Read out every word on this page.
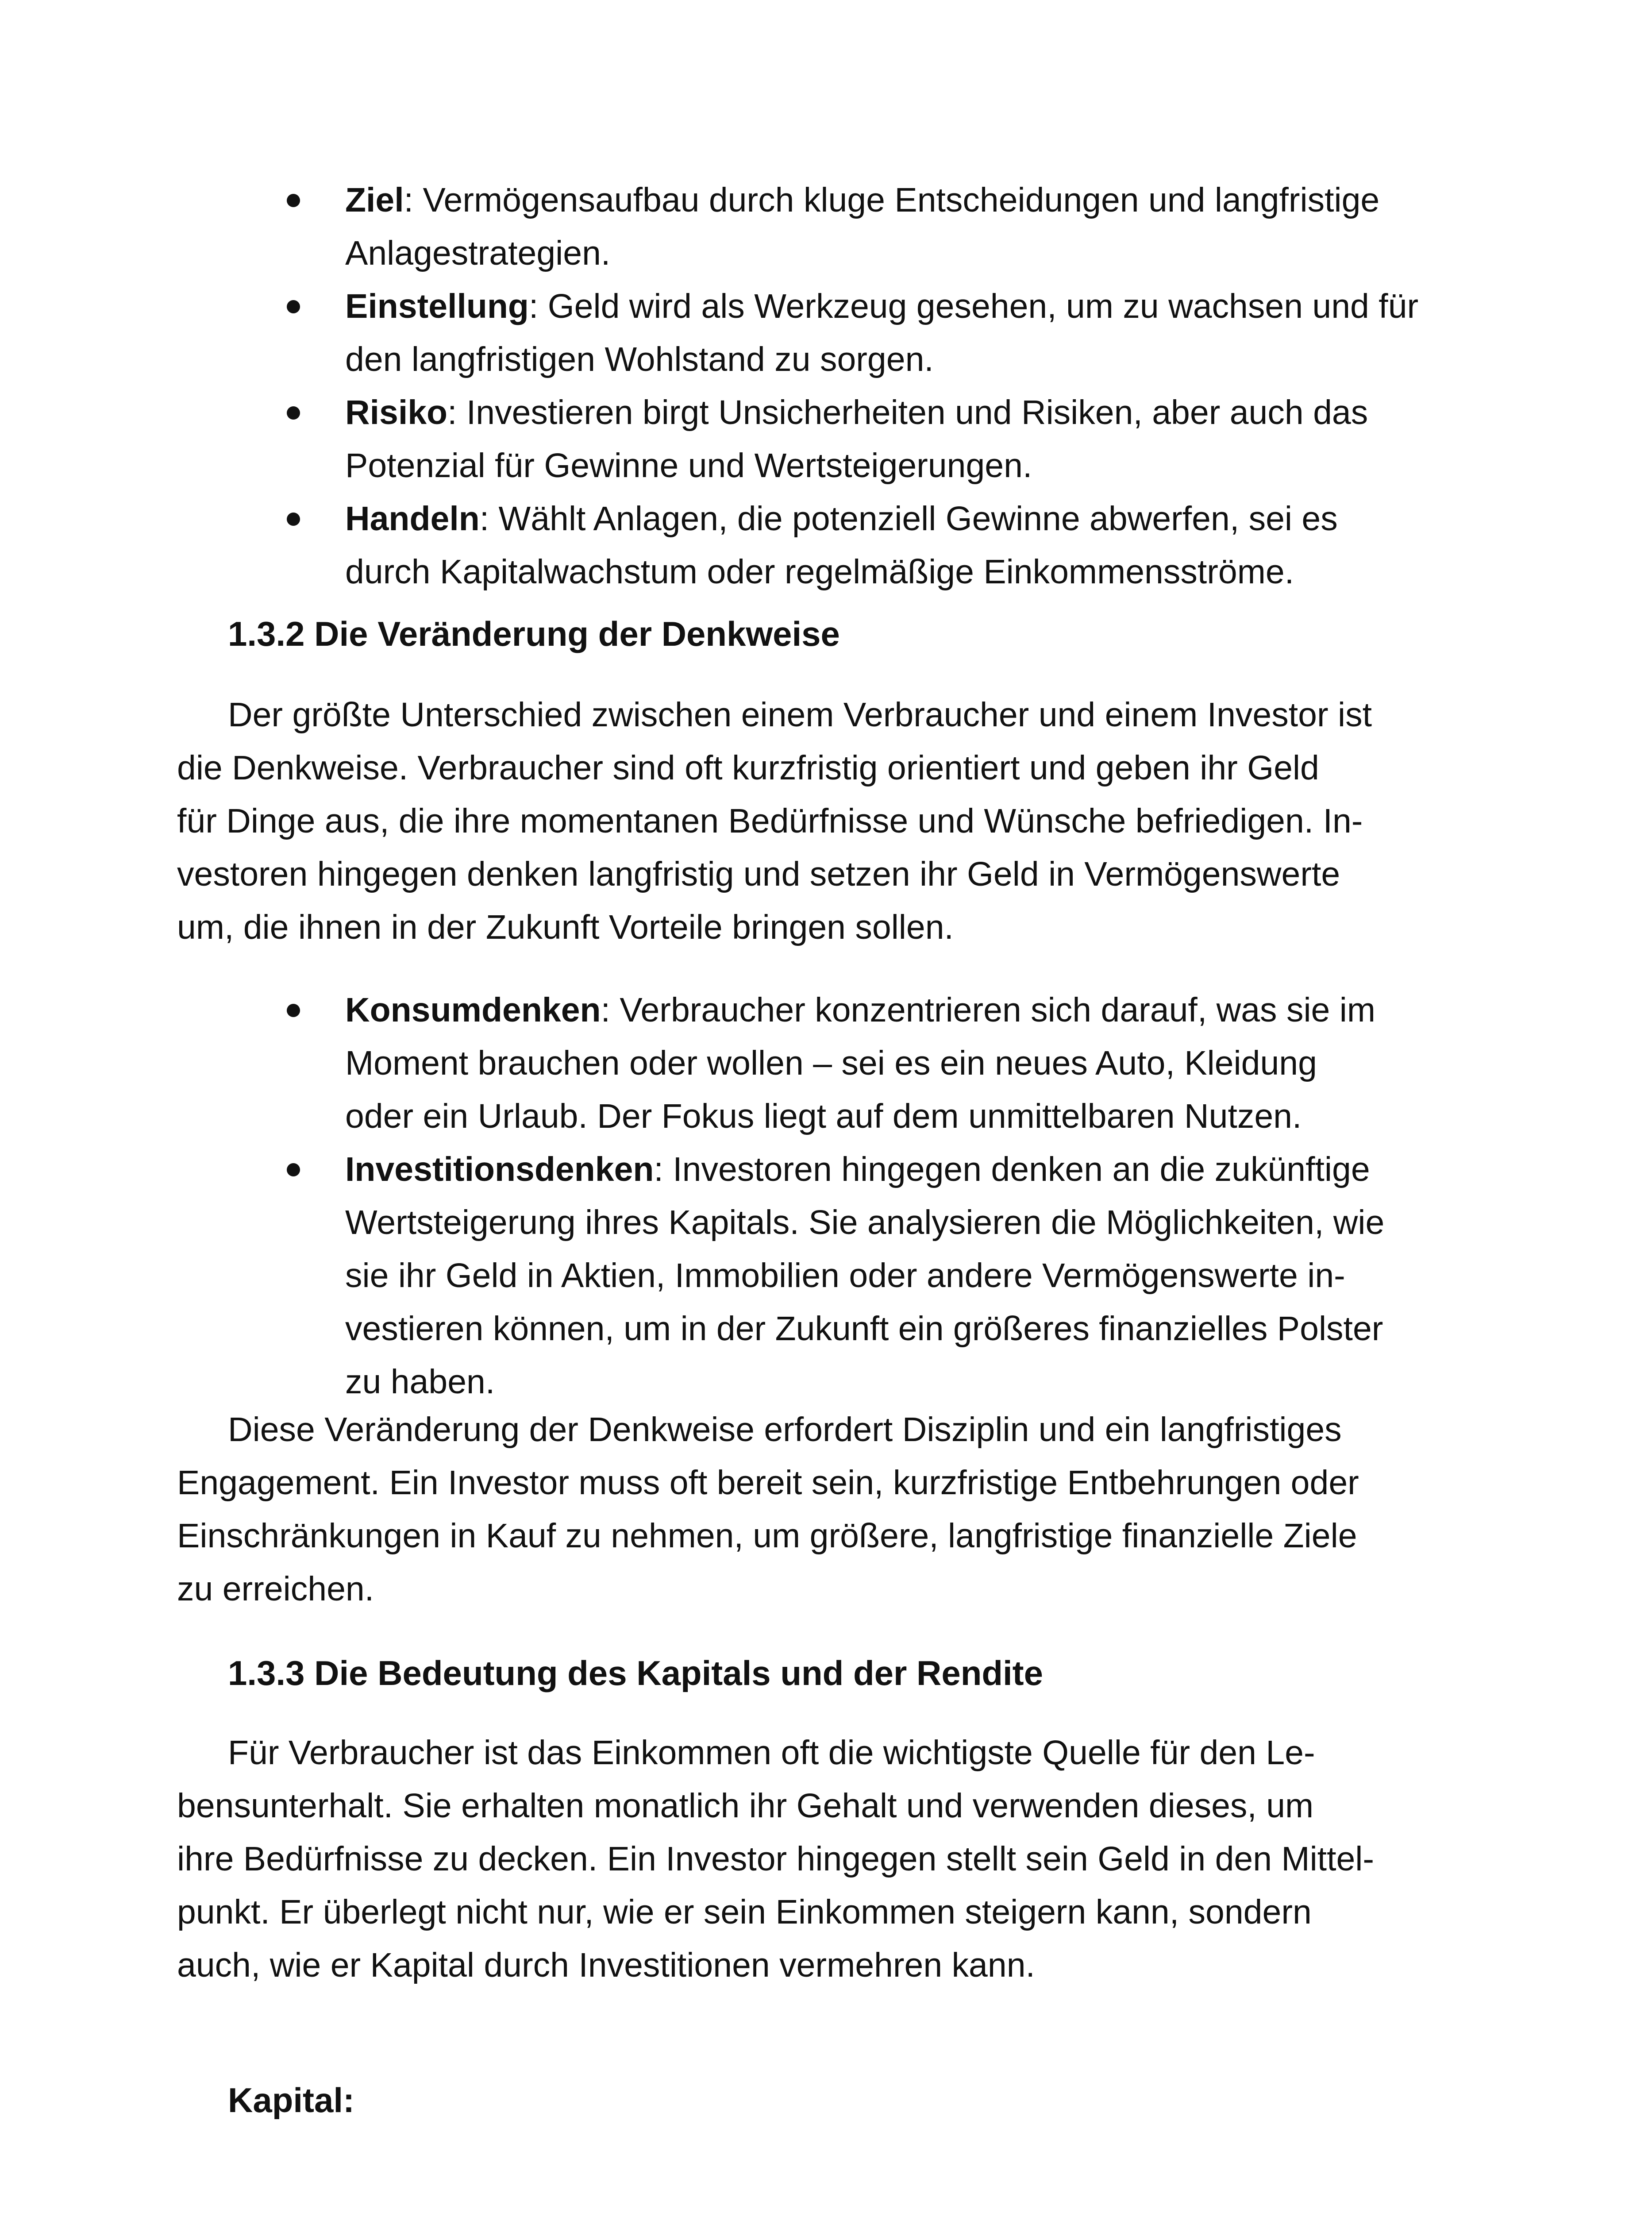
Ziel: Vermögensaufbau durch kluge Entscheidungen und langfristige
Anlagestrategien.
Einstellung: Geld wird als Werkzeug gesehen, um zu wachsen und für
den langfristigen Wohlstand zu sorgen.
Risiko: Investieren birgt Unsicherheiten und Risiken, aber auch das
Potenzial für Gewinne und Wertsteigerungen.
Handeln: Wählt Anlagen, die potenziell Gewinne abwerfen, sei es
durch Kapitalwachstum oder regelmäßige Einkommensströme.
1.3.2 Die Veränderung der Denkweise

Der größte Unterschied zwischen einem Verbraucher und einem Investor ist
die Denkweise. Verbraucher sind oft kurzfristig orientiert und geben ihr Geld
für Dinge aus, die ihre momentanen Bedürfnisse und Wünsche befriedigen. In-
vestoren hingegen denken langfristig und setzen ihr Geld in Vermögenswerte
um, die ihnen in der Zukunft Vorteile bringen sollen.

Konsumdenken: Verbraucher konzentrieren sich darauf, was sie im
Moment brauchen oder wollen – sei es ein neues Auto, Kleidung
oder ein Urlaub. Der Fokus liegt auf dem unmittelbaren Nutzen.
Investitionsdenken: Investoren hingegen denken an die zukünftige
Wertsteigerung ihres Kapitals. Sie analysieren die Möglichkeiten, wie
sie ihr Geld in Aktien, Immobilien oder andere Vermögenswerte in-
vestieren können, um in der Zukunft ein größeres finanzielles Polster
zu haben.

Diese Veränderung der Denkweise erfordert Disziplin und ein langfristiges
Engagement. Ein Investor muss oft bereit sein, kurzfristige Entbehrungen oder
Einschränkungen in Kauf zu nehmen, um größere, langfristige finanzielle Ziele
zu erreichen.

1.3.3 Die Bedeutung des Kapitals und der Rendite

Für Verbraucher ist das Einkommen oft die wichtigste Quelle für den Le-
bensunterhalt. Sie erhalten monatlich ihr Gehalt und verwenden dieses, um
ihre Bedürfnisse zu decken. Ein Investor hingegen stellt sein Geld in den Mittel-
punkt. Er überlegt nicht nur, wie er sein Einkommen steigern kann, sondern
auch, wie er Kapital durch Investitionen vermehren kann.

Kapital:
